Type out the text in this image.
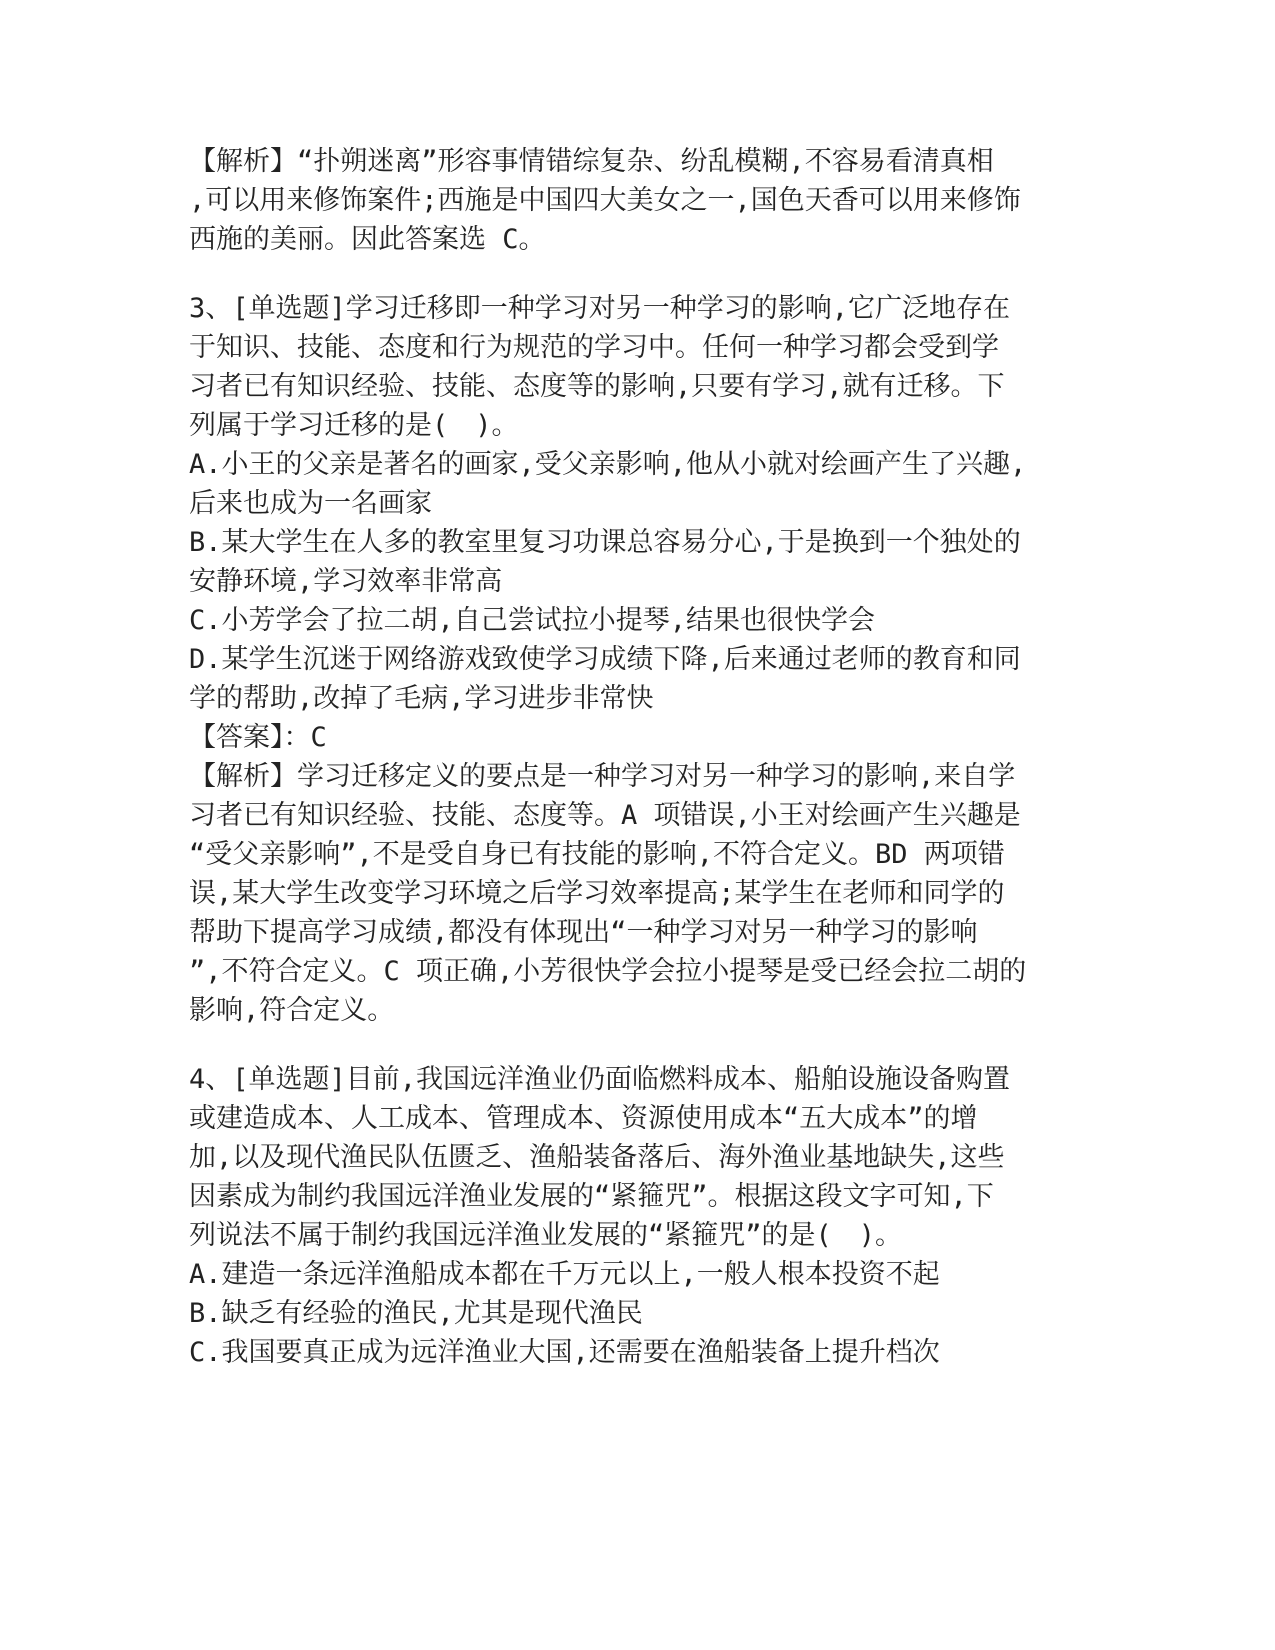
【解析】“扑朔迷离”形容事情错综复杂、纷乱模糊,不容易看清真相
,可以用来修饰案件;西施是中国四大美女之一,国色天香可以用来修饰
西施的美丽。因此答案选 C。
3、[单选题]学习迁移即一种学习对另一种学习的影响,它广泛地存在
于知识、技能、态度和行为规范的学习中。任何一种学习都会受到学
习者已有知识经验、技能、态度等的影响,只要有学习,就有迁移。下
列属于学习迁移的是(　)。
A.小王的父亲是著名的画家,受父亲影响,他从小就对绘画产生了兴趣,
后来也成为一名画家
B.某大学生在人多的教室里复习功课总容易分心,于是换到一个独处的
安静环境,学习效率非常高
C.小芳学会了拉二胡,自己尝试拉小提琴,结果也很快学会
D.某学生沉迷于网络游戏致使学习成绩下降,后来通过老师的教育和同
学的帮助,改掉了毛病,学习进步非常快
【答案】：C
【解析】学习迁移定义的要点是一种学习对另一种学习的影响,来自学
习者已有知识经验、技能、态度等。A 项错误,小王对绘画产生兴趣是
“受父亲影响”,不是受自身已有技能的影响,不符合定义。BD 两项错
误,某大学生改变学习环境之后学习效率提高;某学生在老师和同学的
帮助下提高学习成绩,都没有体现出“一种学习对另一种学习的影响
”,不符合定义。C 项正确,小芳很快学会拉小提琴是受已经会拉二胡的
影响,符合定义。
4、[单选题]目前,我国远洋渔业仍面临燃料成本、船舶设施设备购置
或建造成本、人工成本、管理成本、资源使用成本“五大成本”的增
加,以及现代渔民队伍匮乏、渔船装备落后、海外渔业基地缺失,这些
因素成为制约我国远洋渔业发展的“紧箍咒”。根据这段文字可知,下
列说法不属于制约我国远洋渔业发展的“紧箍咒”的是(　)。
A.建造一条远洋渔船成本都在千万元以上,一般人根本投资不起
B.缺乏有经验的渔民,尤其是现代渔民
C.我国要真正成为远洋渔业大国,还需要在渔船装备上提升档次
